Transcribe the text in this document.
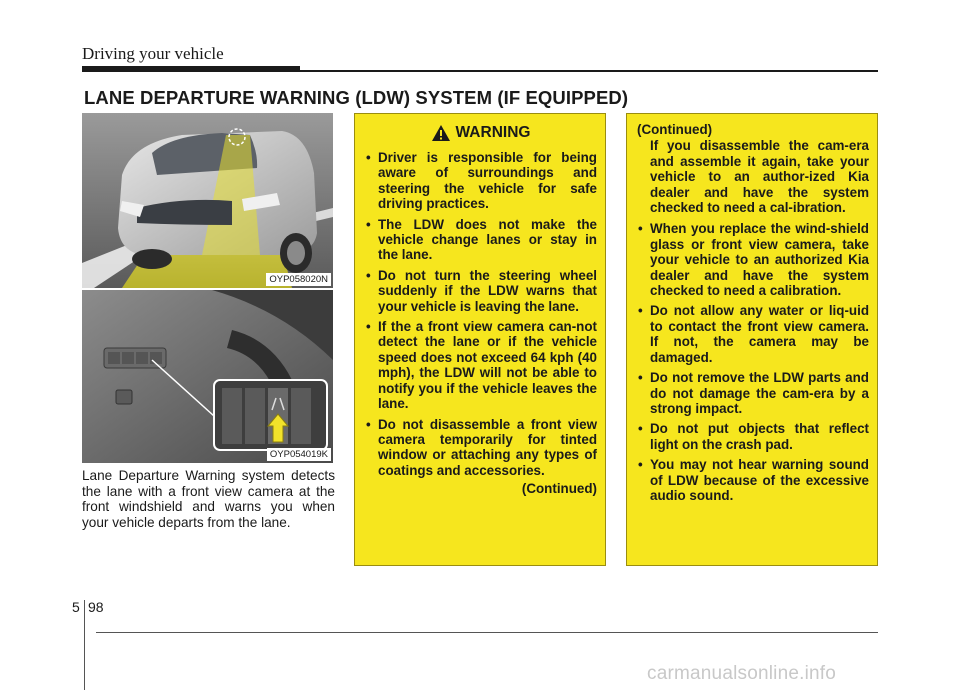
Driving your vehicle
LANE DEPARTURE WARNING (LDW) SYSTEM (IF EQUIPPED)
OYP058020N
OYP054019K
Lane Departure Warning system detects the lane with a front view camera at the front windshield and warns you when your vehicle departs from the lane.
WARNING
• Driver is responsible for being aware of surroundings and steering the vehicle for safe driving practices.
• The LDW does not make the vehicle change lanes or stay in the lane.
• Do not turn the steering wheel suddenly if the LDW warns that your vehicle is leaving the lane.
• If the a front view camera can-not detect the lane or if the vehicle speed does not exceed 64 kph (40 mph), the LDW will not be able to notify you if the vehicle leaves the lane.
• Do not disassemble a front view camera temporarily for tinted window or attaching any types of coatings and accessories.
(Continued)
(Continued)
If you disassemble the cam-era and assemble it again, take your vehicle to an author-ized Kia dealer and have the system checked to need a cal-ibration.
• When you replace the wind-shield glass or front view camera, take your vehicle to an authorized Kia dealer and have the system checked to need a calibration.
• Do not allow any water or liq-uid to contact the front view camera. If not, the camera may be damaged.
• Do not remove the LDW parts and do not damage the cam-era by a strong impact.
• Do not put objects that reflect light on the crash pad.
• You may not hear warning sound of LDW because of the excessive audio sound.
5 98
carmanualsonline.info
